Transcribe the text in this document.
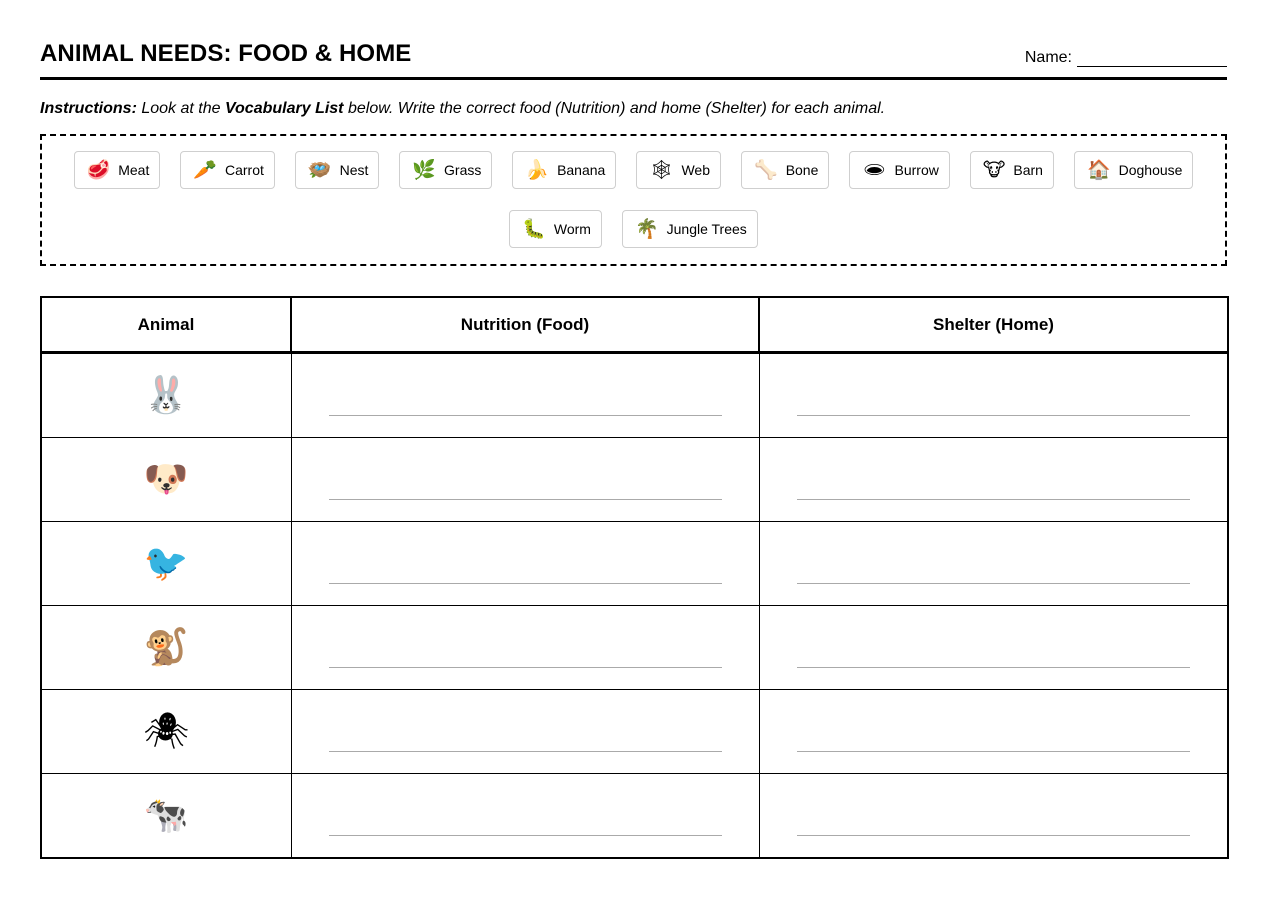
ANIMAL NEEDS: FOOD & HOME	Name:
Instructions: Look at the Vocabulary List below. Write the correct food (Nutrition) and home (Shelter) for each animal.
🥩 Meat 🥕 Carrot 🪺 Nest 🌿 Grass 🍌 Banana 🕸 Web 🦴 Bone 🕳 Burrow 🐮 Barn 🏠 Doghouse
🐛 Worm 🌴 Jungle Trees
Animal	Nutrition (Food)	Shelter (Home)
🐰	

🐶	

🐦	

🐒	

🕷	

🐄	
